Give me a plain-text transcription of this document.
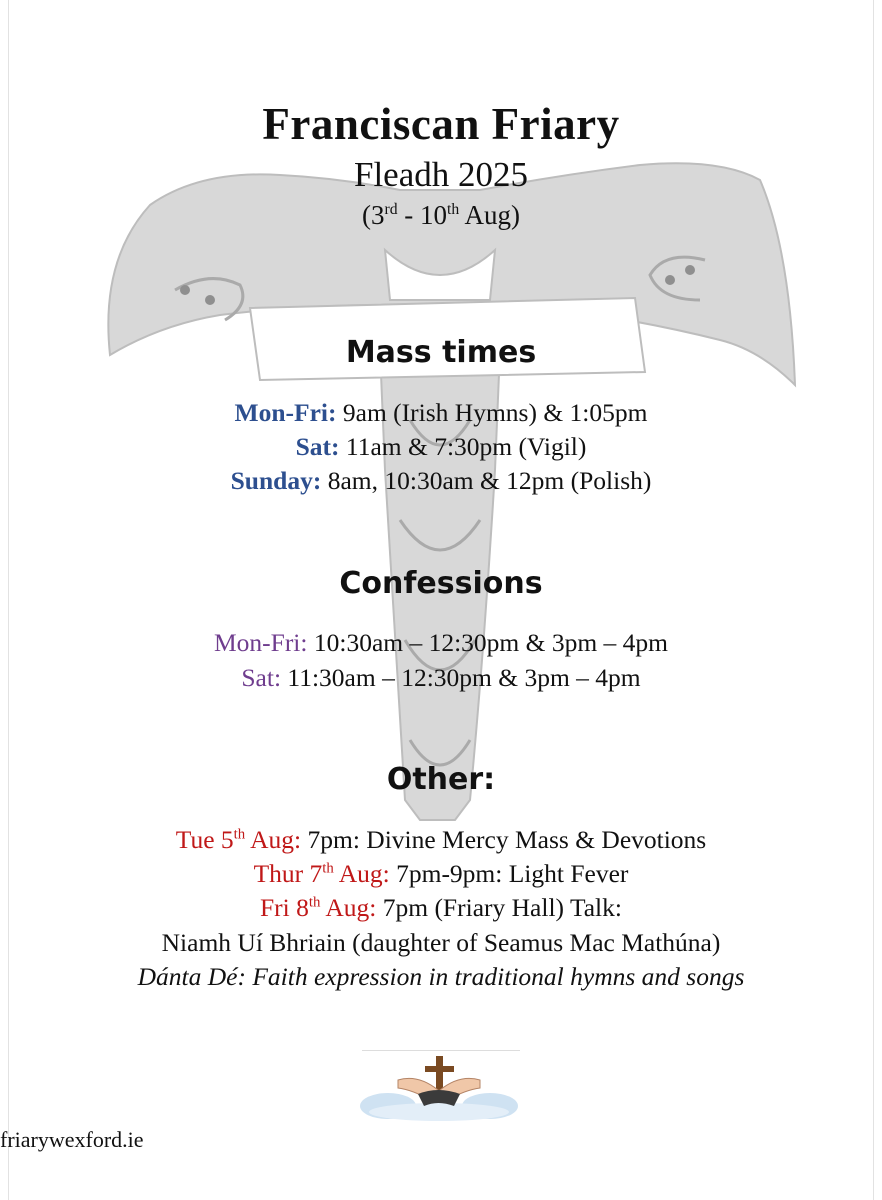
Franciscan Friary
Fleadh 2025
(3rd - 10th Aug)
Mass times
Mon-Fri: 9am (Irish Hymns) & 1:05pm
Sat: 11am & 7:30pm (Vigil)
Sunday: 8am, 10:30am & 12pm (Polish)
Confessions
Mon-Fri: 10:30am – 12:30pm & 3pm – 4pm
Sat: 11:30am – 12:30pm & 3pm – 4pm
Other:
Tue 5th Aug: 7pm: Divine Mercy Mass & Devotions
Thur 7th Aug: 7pm-9pm: Light Fever
Fri 8th Aug: 7pm (Friary Hall) Talk:
Niamh Uí Bhriain (daughter of Seamus Mac Mathúna)
Dánta Dé: Faith expression in traditional hymns and songs
friarywexford.ie
